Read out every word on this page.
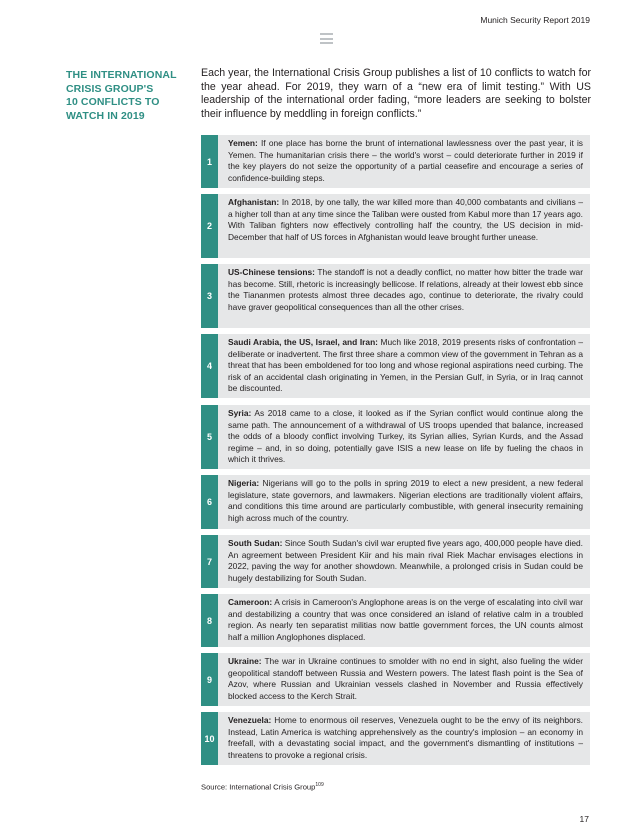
Munich Security Report 2019
THE INTERNATIONAL
CRISIS GROUP'S
10 CONFLICTS TO
WATCH IN 2019

Each year, the International Crisis Group publishes a list of 10 conflicts to watch for the year ahead. For 2019, they warn of a “new era of limit testing.” With US leadership of the international order fading, “more leaders are seeking to bolster their influence by meddling in foreign conflicts.”

1
Yemen: If one place has borne the brunt of international lawlessness over the past year, it is Yemen. The humanitarian crisis there – the world's worst – could deteriorate further in 2019 if the key players do not seize the opportunity of a partial ceasefire and encourage a series of confidence-building steps.
2
Afghanistan: In 2018, by one tally, the war killed more than 40,000 combatants and civilians – a higher toll than at any time since the Taliban were ousted from Kabul more than 17 years ago. With Taliban fighters now effectively controlling half the country, the US decision in mid-December that half of US forces in Afghanistan would leave brought further unease.
3
US-Chinese tensions: The standoff is not a deadly conflict, no matter how bitter the trade war has become. Still, rhetoric is increasingly bellicose. If relations, already at their lowest ebb since the Tiananmen protests almost three decades ago, continue to deteriorate, the rivalry could have graver geopolitical consequences than all the other crises.
4
Saudi Arabia, the US, Israel, and Iran: Much like 2018, 2019 presents risks of confrontation – deliberate or inadvertent. The first three share a common view of the government in Tehran as a threat that has been emboldened for too long and whose regional aspirations need curbing. The risk of an accidental clash originating in Yemen, in the Persian Gulf, in Syria, or in Iraq cannot be discounted.
5
Syria: As 2018 came to a close, it looked as if the Syrian conflict would continue along the same path. The announcement of a withdrawal of US troops upended that balance, increased the odds of a bloody conflict involving Turkey, its Syrian allies, Syrian Kurds, and the Assad regime – and, in so doing, potentially gave ISIS a new lease on life by fueling the chaos in which it thrives.
6
Nigeria: Nigerians will go to the polls in spring 2019 to elect a new president, a new federal legislature, state governors, and lawmakers. Nigerian elections are traditionally violent affairs, and conditions this time around are particularly combustible, with general insecurity remaining high across much of the country.
7
South Sudan: Since South Sudan's civil war erupted five years ago, 400,000 people have died. An agreement between President Kiir and his main rival Riek Machar envisages elections in 2022, paving the way for another showdown. Meanwhile, a prolonged crisis in Sudan could be hugely destabilizing for South Sudan.
8
Cameroon: A crisis in Cameroon's Anglophone areas is on the verge of escalating into civil war and destabilizing a country that was once considered an island of relative calm in a troubled region. As nearly ten separatist militias now battle government forces, the UN counts almost half a million Anglophones displaced.
9
Ukraine: The war in Ukraine continues to smolder with no end in sight, also fueling the wider geopolitical standoff between Russia and Western powers. The latest flash point is the Sea of Azov, where Russian and Ukrainian vessels clashed in November and Russia effectively blocked access to the Kerch Strait.
10
Venezuela: Home to enormous oil reserves, Venezuela ought to be the envy of its neighbors. Instead, Latin America is watching apprehensively as the country's implosion – an economy in freefall, with a devastating social impact, and the government's dismantling of institutions – threatens to provoke a regional crisis.
Source: International Crisis Group$^{109}$
17
